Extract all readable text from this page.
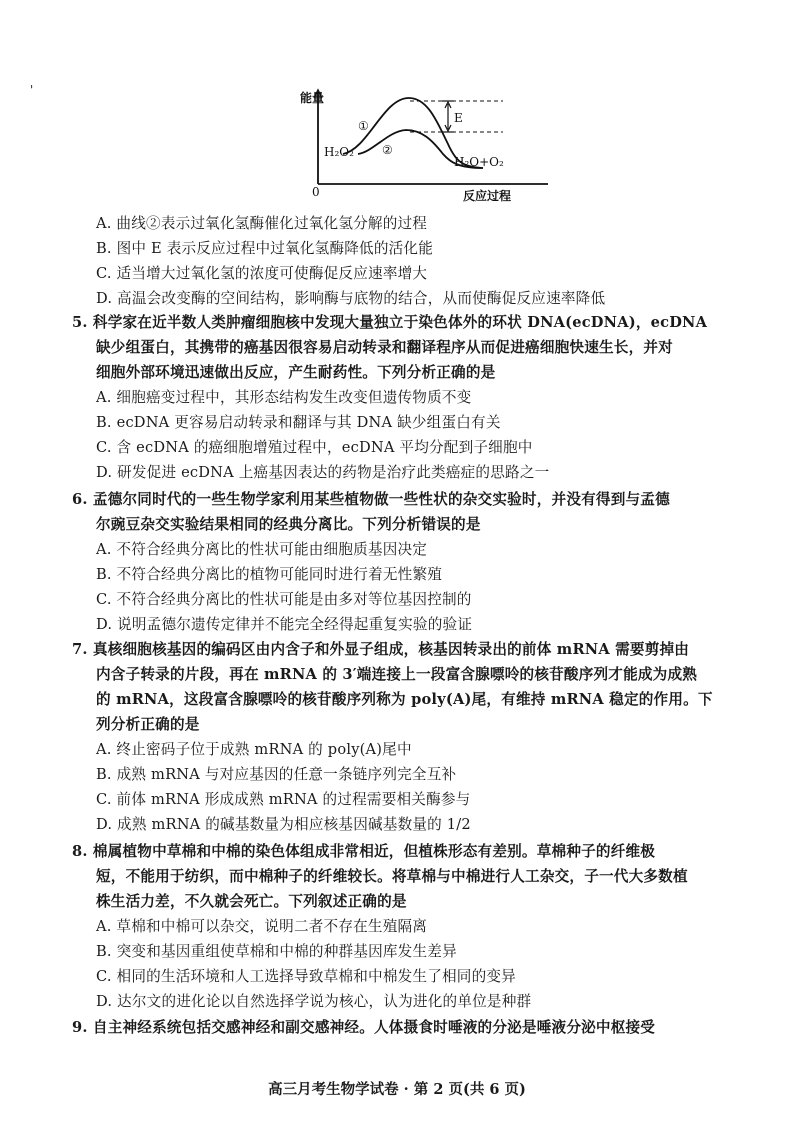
'
能量
①
②
E
H₂O₂
H₂O+O₂
0	反应过程
A. 曲线②表示过氧化氢酶催化过氧化氢分解的过程
B. 图中 E 表示反应过程中过氧化氢酶降低的活化能
C. 适当增大过氧化氢的浓度可使酶促反应速率增大
D. 高温会改变酶的空间结构，影响酶与底物的结合，从而使酶促反应速率降低
5. 科学家在近半数人类肿瘤细胞核中发现大量独立于染色体外的环状 DNA(ecDNA)，ecDNA
缺少组蛋白，其携带的癌基因很容易启动转录和翻译程序从而促进癌细胞快速生长，并对
细胞外部环境迅速做出反应，产生耐药性。下列分析正确的是
A. 细胞癌变过程中，其形态结构发生改变但遗传物质不变
B. ecDNA 更容易启动转录和翻译与其 DNA 缺少组蛋白有关
C. 含 ecDNA 的癌细胞增殖过程中，ecDNA 平均分配到子细胞中
D. 研发促进 ecDNA 上癌基因表达的药物是治疗此类癌症的思路之一
6. 孟德尔同时代的一些生物学家利用某些植物做一些性状的杂交实验时，并没有得到与孟德
尔豌豆杂交实验结果相同的经典分离比。下列分析错误的是
A. 不符合经典分离比的性状可能由细胞质基因决定
B. 不符合经典分离比的植物可能同时进行着无性繁殖
C. 不符合经典分离比的性状可能是由多对等位基因控制的
D. 说明孟德尔遗传定律并不能完全经得起重复实验的验证
7. 真核细胞核基因的编码区由内含子和外显子组成，核基因转录出的前体 mRNA 需要剪掉由
内含子转录的片段，再在 mRNA 的 3′端连接上一段富含腺嘌呤的核苷酸序列才能成为成熟
的 mRNA，这段富含腺嘌呤的核苷酸序列称为 poly(A)尾，有维持 mRNA 稳定的作用。下
列分析正确的是
A. 终止密码子位于成熟 mRNA 的 poly(A)尾中
B. 成熟 mRNA 与对应基因的任意一条链序列完全互补
C. 前体 mRNA 形成成熟 mRNA 的过程需要相关酶参与
D. 成熟 mRNA 的碱基数量为相应核基因碱基数量的 1/2
8. 棉属植物中草棉和中棉的染色体组成非常相近，但植株形态有差别。草棉种子的纤维极
短，不能用于纺织，而中棉种子的纤维较长。将草棉与中棉进行人工杂交，子一代大多数植
株生活力差，不久就会死亡。下列叙述正确的是
A. 草棉和中棉可以杂交，说明二者不存在生殖隔离
B. 突变和基因重组使草棉和中棉的种群基因库发生差异
C. 相同的生活环境和人工选择导致草棉和中棉发生了相同的变异
D. 达尔文的进化论以自然选择学说为核心，认为进化的单位是种群
9. 自主神经系统包括交感神经和副交感神经。人体摄食时唾液的分泌是唾液分泌中枢接受
高三月考生物学试卷 · 第 2 页(共 6 页)
